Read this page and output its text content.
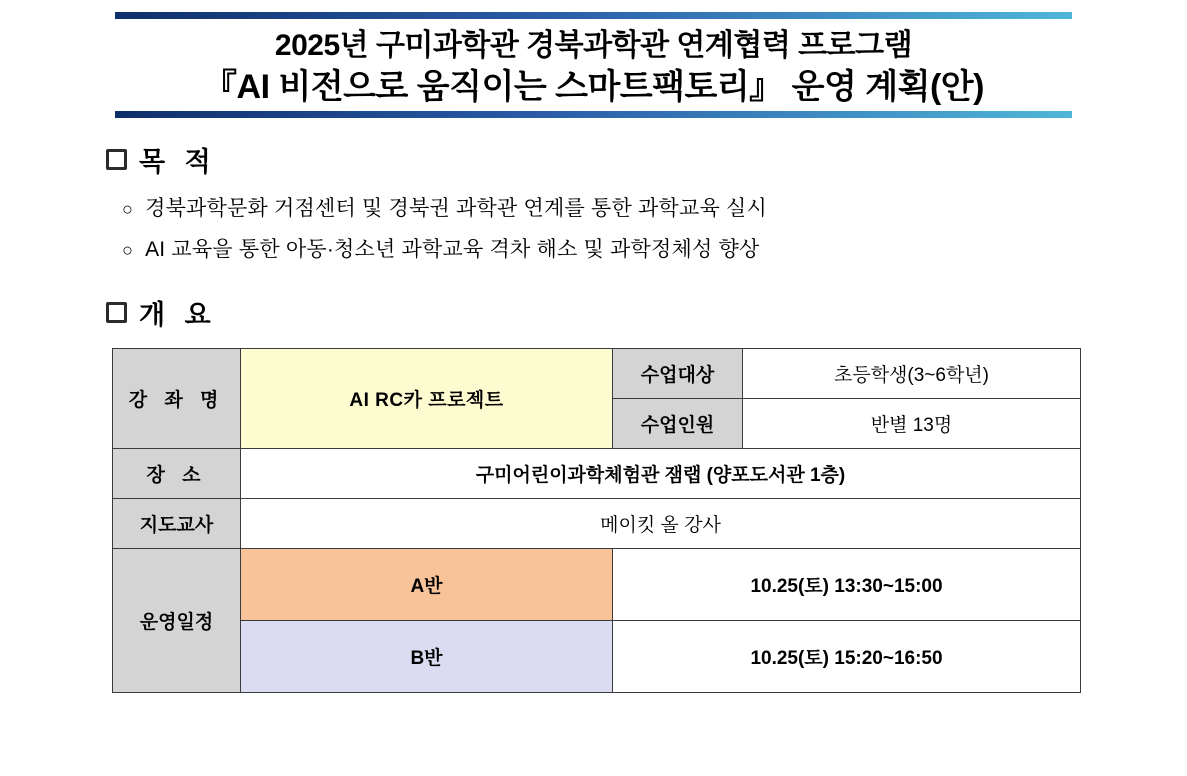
2025년 구미과학관 경북과학관 연계협력 프로그램
『AI 비전으로 움직이는 스마트팩토리』 운영 계획(안)
목 적
○ 경북과학문화 거점센터 및 경북권 과학관 연계를 통한 과학교육 실시
○ AI 교육을 통한 아동·청소년 과학교육 격차 해소 및 과학정체성 향상
개 요
강 좌 명	AI RC카 프로젝트	수업대상	초등학생(3~6학년)
		수업인원	반별 13명
장 소	구미어린이과학체험관 잼랩 (양포도서관 1층)		
지도교사	메이킷 올 강사		
운영일정	A반	10.25(토) 13:30~15:00	
	B반	10.25(토) 15:20~16:50	
